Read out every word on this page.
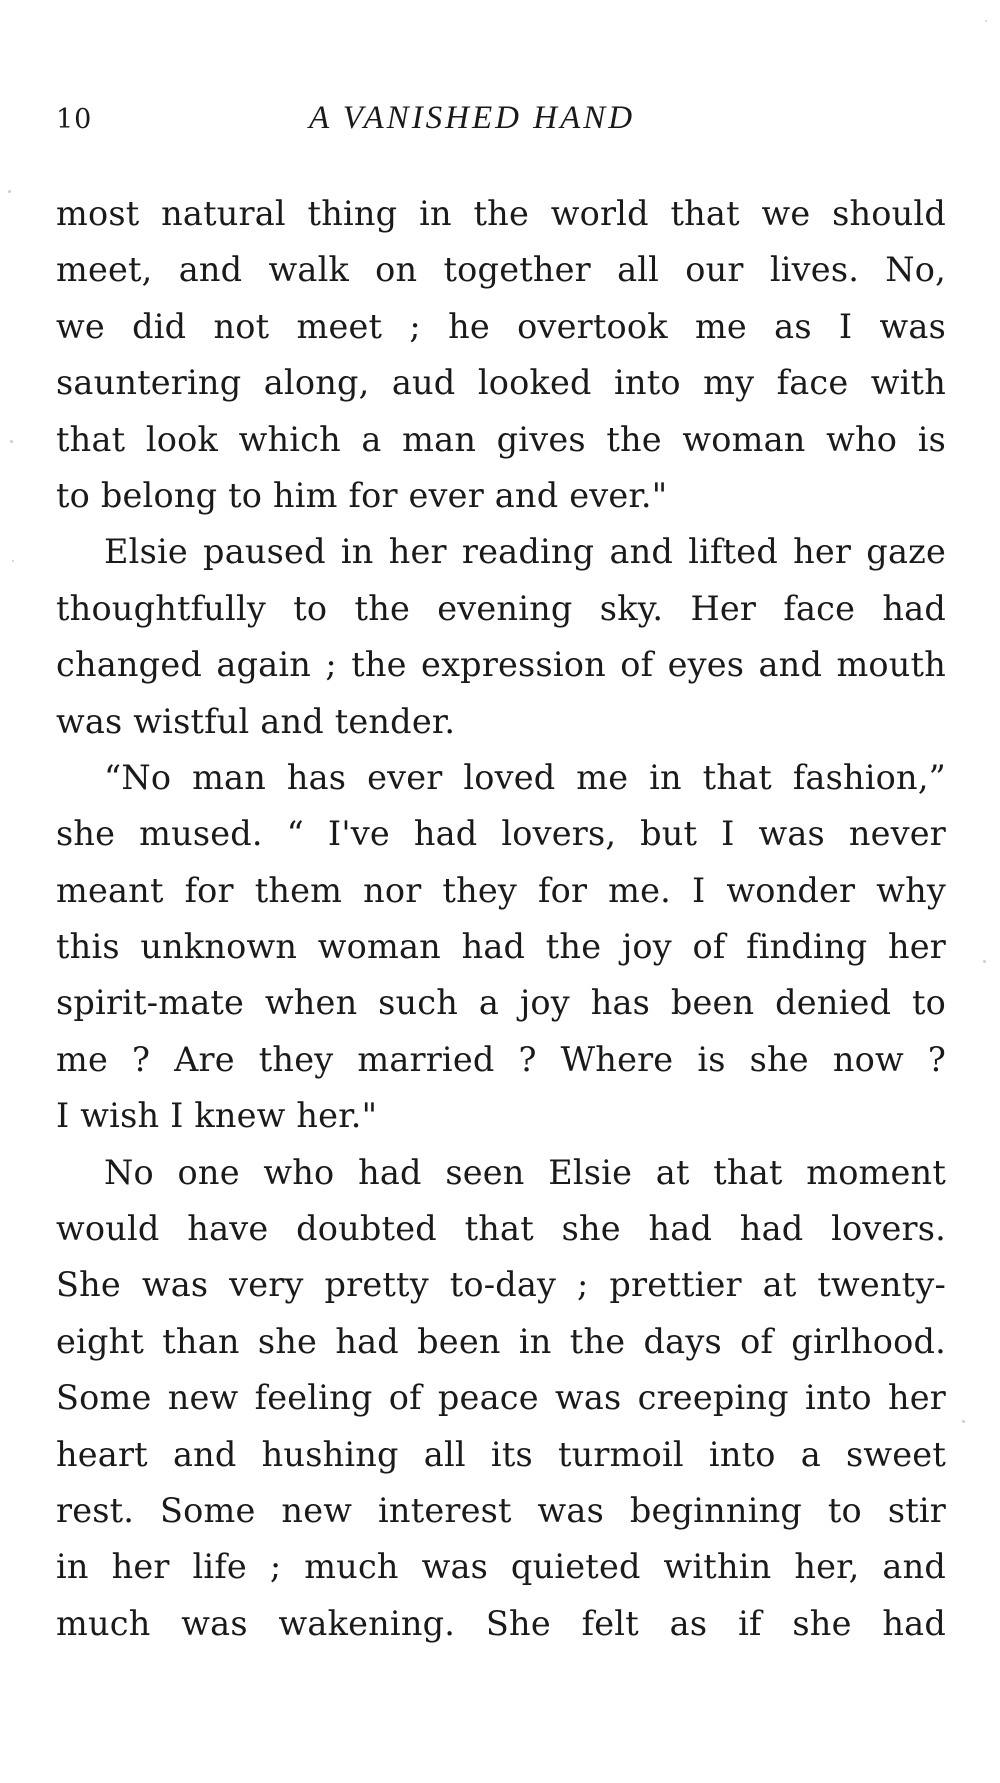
10	A VANISHED HAND
most natural thing in the world that we should
meet, and walk on together all our lives. No,
we did not meet ; he overtook me as I was
sauntering along, aud looked into my face with
that look which a man gives the woman who is
to belong to him for ever and ever."
Elsie paused in her reading and lifted her gaze
thoughtfully to the evening sky. Her face had
changed again ; the expression of eyes and mouth
was wistful and tender.
“No man has ever loved me in that fashion,”
she mused. “ I've had lovers, but I was never
meant for them nor they for me. I wonder why
this unknown woman had the joy of finding her
spirit-mate when such a joy has been denied to
me ? Are they married ? Where is she now ?
I wish I knew her."
No one who had seen Elsie at that moment
would have doubted that she had had lovers.
She was very pretty to-day ; prettier at twenty-
eight than she had been in the days of girlhood.
Some new feeling of peace was creeping into her
heart and hushing all its turmoil into a sweet
rest. Some new interest was beginning to stir
in her life ; much was quieted within her, and
much was wakening. She felt as if she had
